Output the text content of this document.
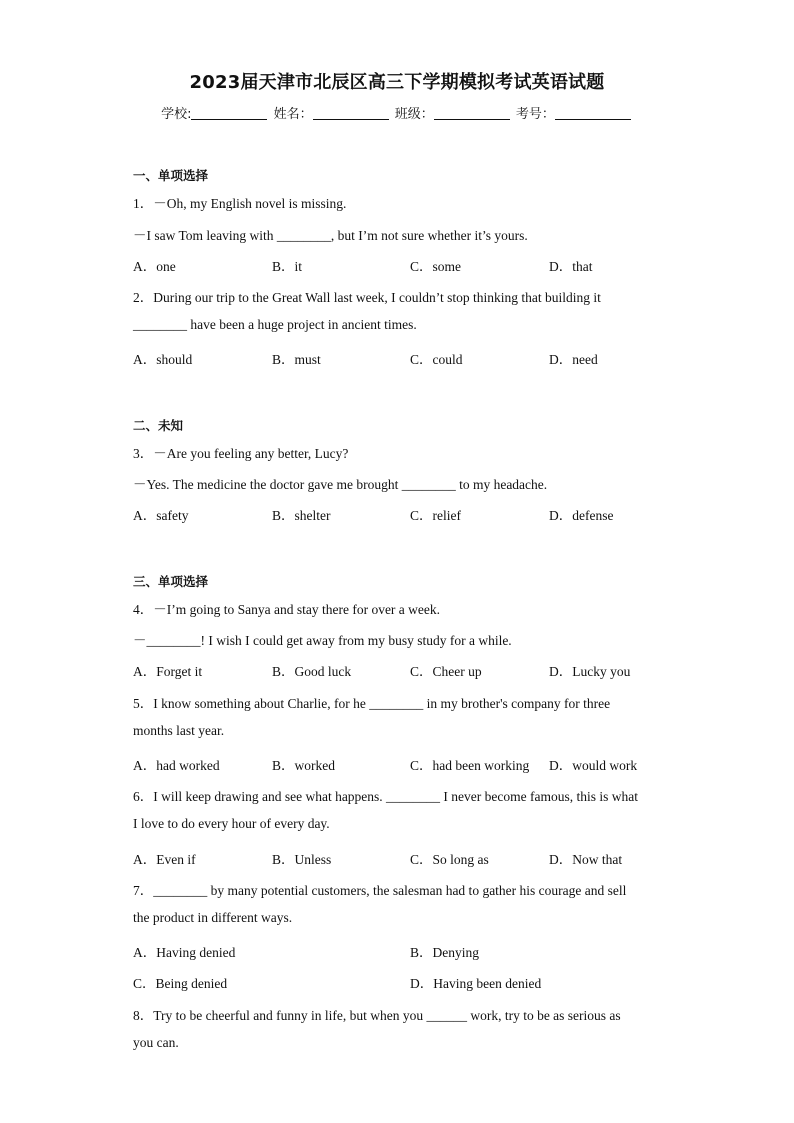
2023届天津市北辰区高三下学期模拟考试英语试题
学校:	姓名：	班级：	考号：
一、单项选择
1．－Oh, my English novel is missing.
－I saw Tom leaving with ________, but I’m not sure whether it’s yours.
A．one	B．it	C．some	D．that
2．During our trip to the Great Wall last week, I couldn’t stop thinking that building it
________ have been a huge project in ancient times.
A．should	B．must	C．could	D．need
二、未知
3．－Are you feeling any better, Lucy?
－Yes. The medicine the doctor gave me brought ________ to my headache.
A．safety	B．shelter	C．relief	D．defense
三、单项选择
4．－I’m going to Sanya and stay there for over a week.
－________! I wish I could get away from my busy study for a while.
A．Forget it	B．Good luck	C．Cheer up	D．Lucky you
5．I know something about Charlie, for he ________ in my brother's company for three
months last year.
A．had worked	B．worked	C．had been working D．would work
6．I will keep drawing and see what happens. ________ I never become famous, this is what
I love to do every hour of every day.
A．Even if	B．Unless	C．So long as	D．Now that
7．________ by many potential customers, the salesman had to gather his courage and sell
the product in different ways.
A．Having denied	B．Denying
C．Being denied	D．Having been denied
8．Try to be cheerful and funny in life, but when you ______ work, try to be as serious as
you can.
